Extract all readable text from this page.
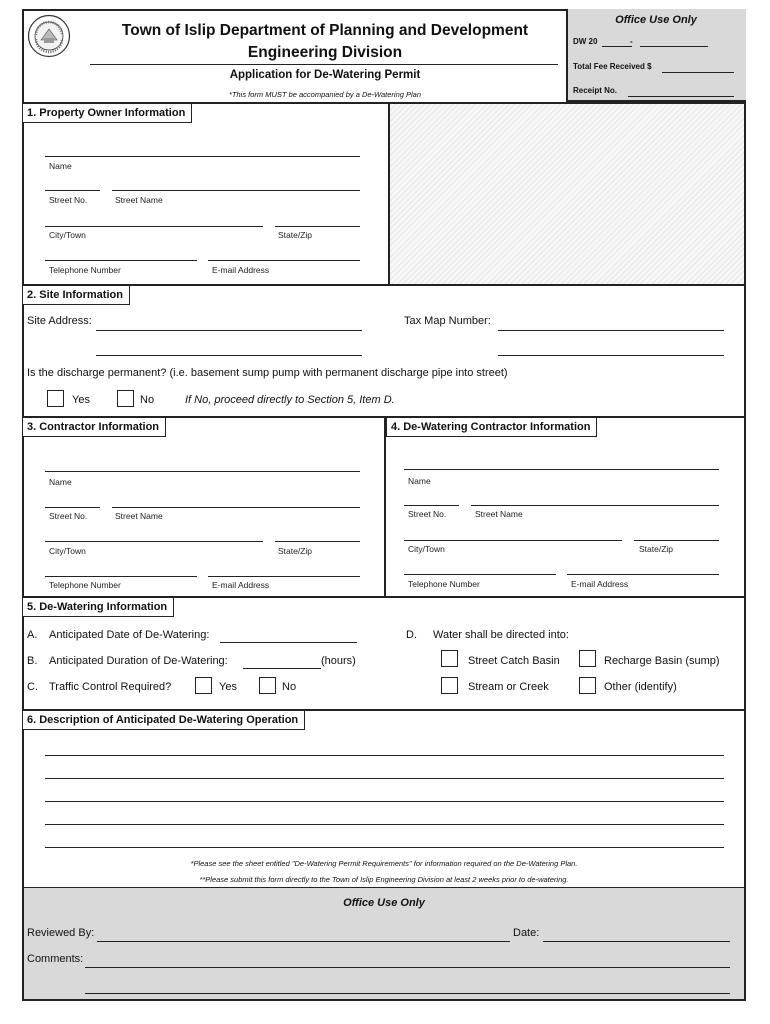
Town of Islip Department of Planning and Development
Engineering Division
Application for De-Watering Permit
*This form MUST be accompanied by a De-Watering Plan
Office Use Only
DW 20	-
Total Fee Received $
Receipt No.
1. Property Owner Information
Name
Street No.	Street Name
City/Town	State/Zip
Telephone Number	E-mail Address
2. Site Information
Site Address:	Tax Map Number:
Is the discharge permanent? (i.e. basement sump pump with permanent discharge pipe into street)
Yes	No	If No, proceed directly to Section 5, Item D.
3. Contractor Information	4. De-Watering Contractor Information
Name
Street No.	Street Name
City/Town	State/Zip
Telephone Number	E-mail Address
Name
Street No.	Street Name
City/Town	State/Zip
Telephone Number	E-mail Address
5. De-Watering Information
A. Anticipated Date of De-Watering:
B. Anticipated Duration of De-Watering:	(hours)
C. Traffic Control Required?	Yes	No
D. Water shall be directed into:
Street Catch Basin	Recharge Basin (sump)
Stream or Creek	Other (identify)
6. Description of Anticipated De-Watering Operation
*Please see the sheet entitled "De-Watering Permit Requirements" for information required on the De-Watering Plan.
**Please submit this form directly to the Town of Islip Engineering Division at least 2 weeks prior to de-watering.
Office Use Only
Reviewed By:	Date:
Comments:
